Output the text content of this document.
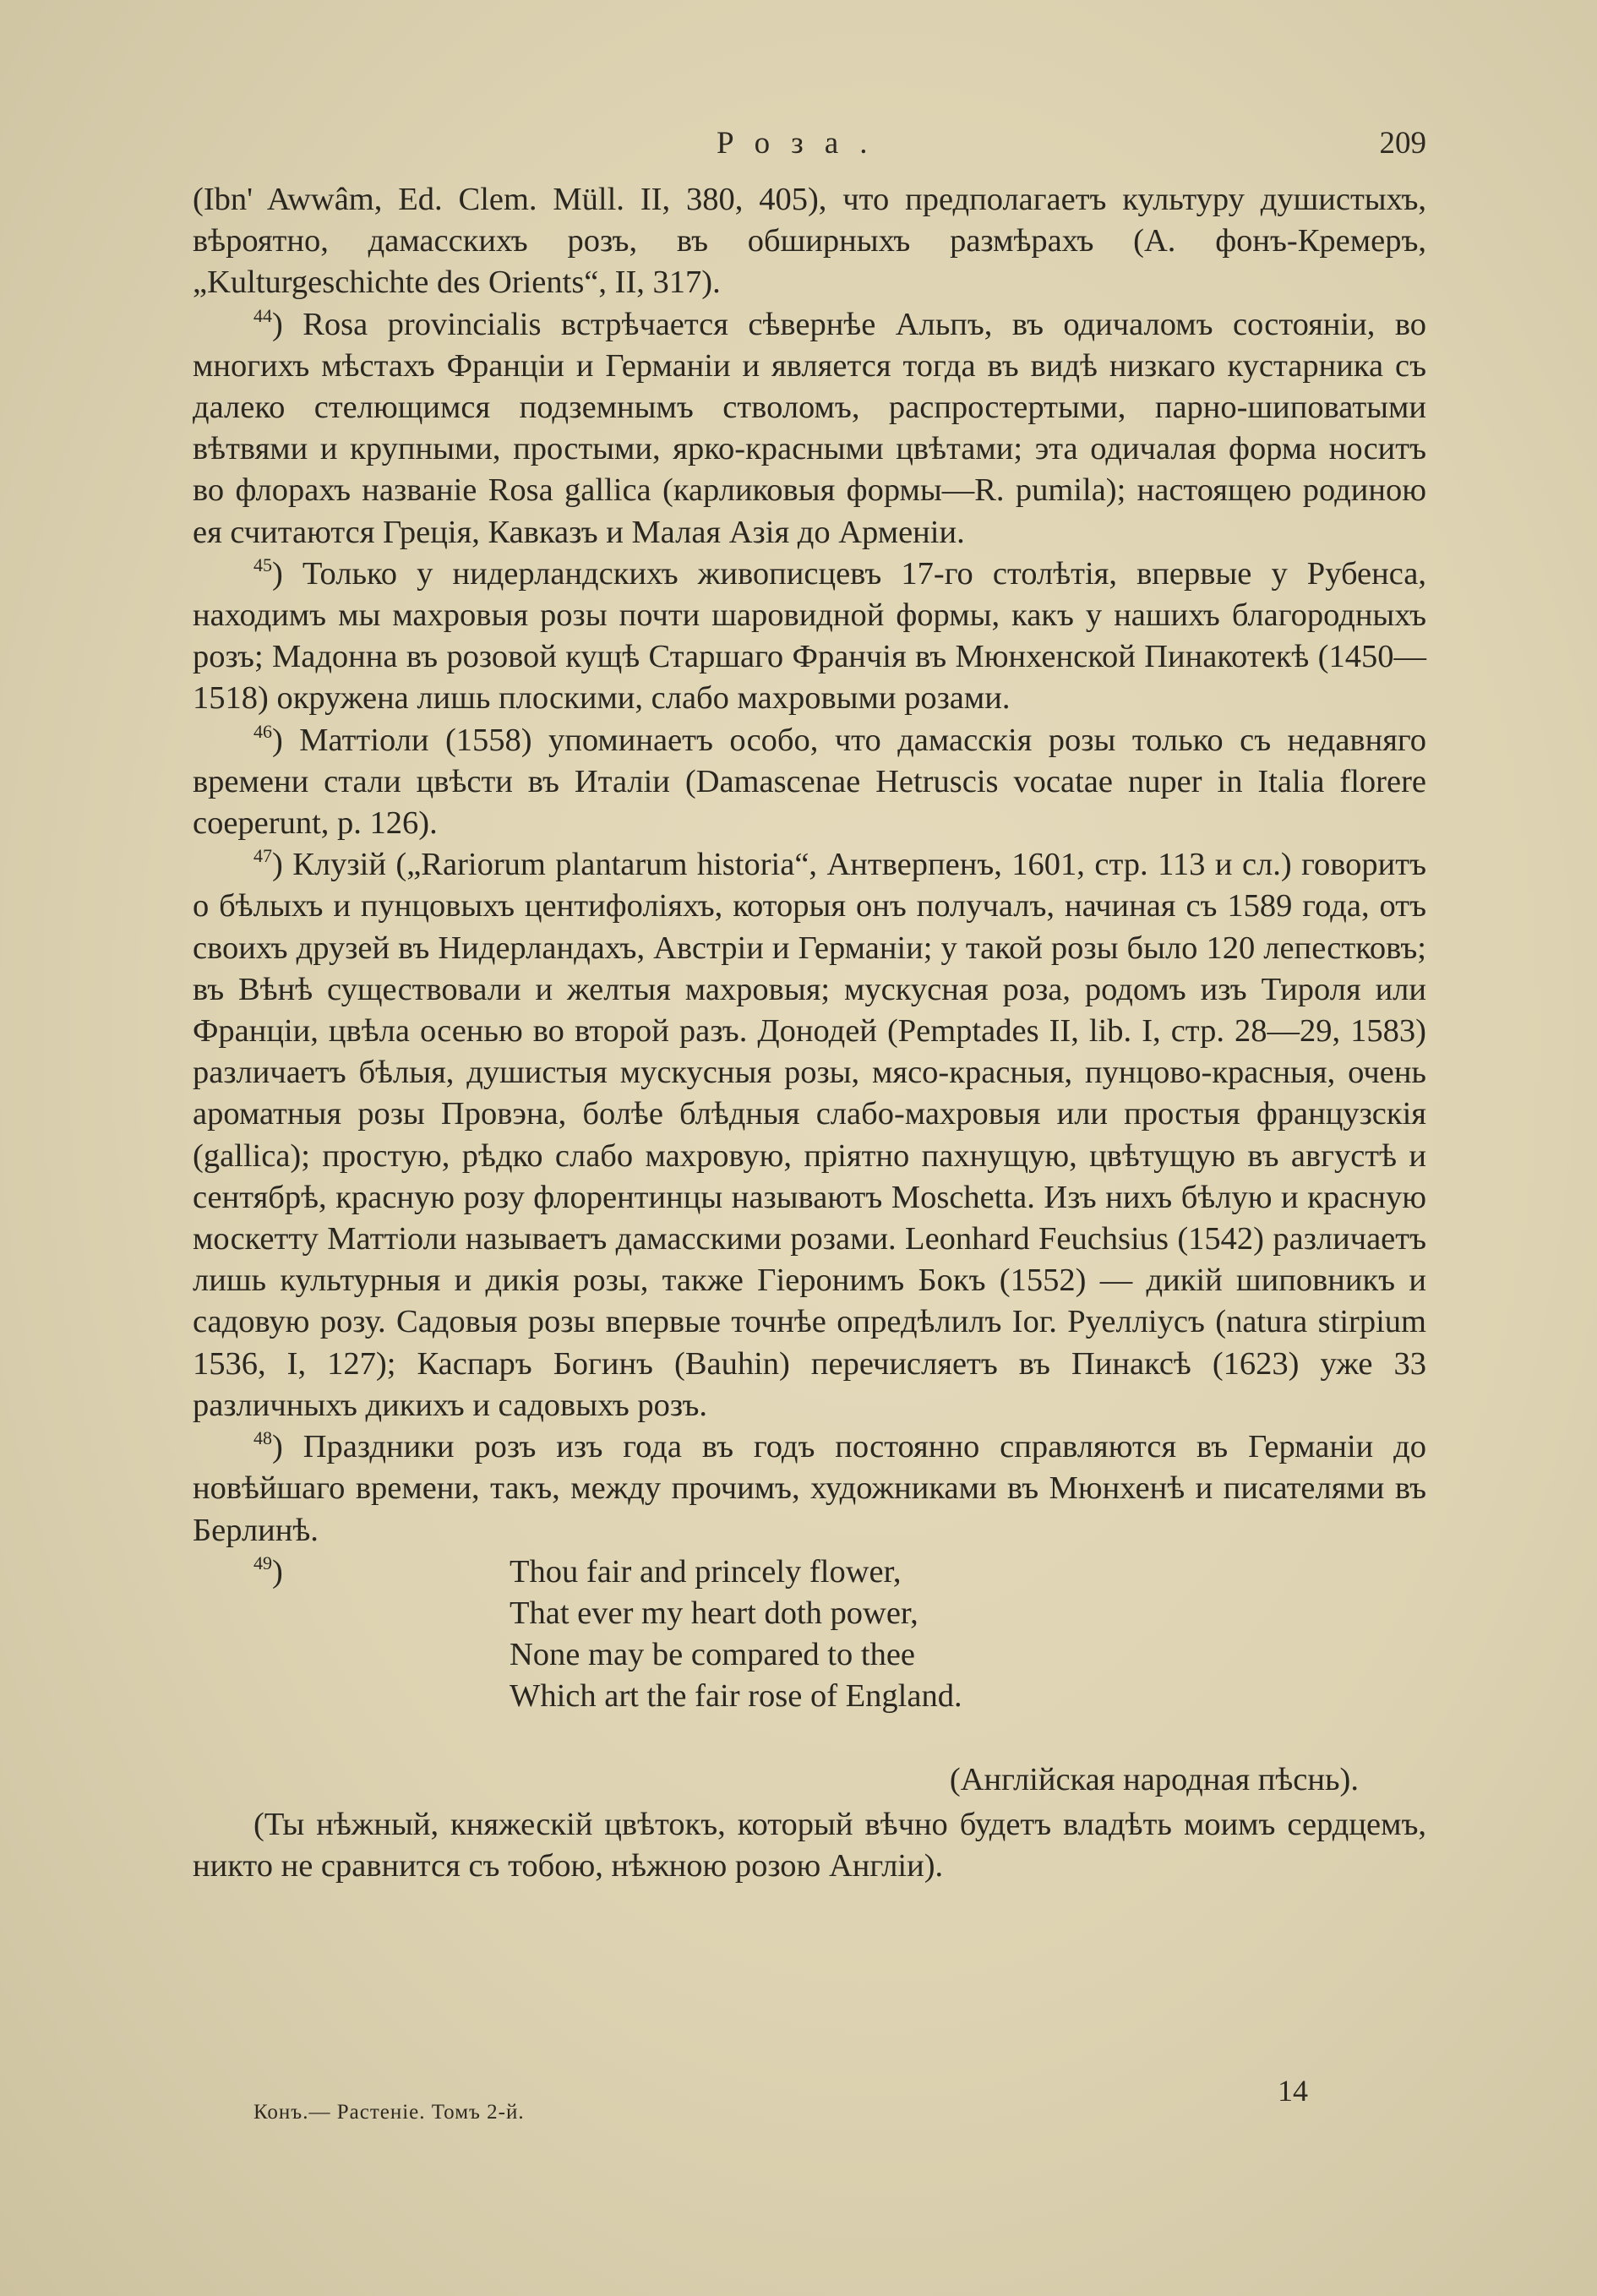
Роза.	209

(Ibn' Awwâm, Ed. Clem. Müll. II, 380, 405), что предполагаетъ культуру душистыхъ, вѣроятно, дамасскихъ розъ, въ обширныхъ размѣрахъ (А. фонъ-Кремеръ, „Kulturgeschichte des Orients“, II, 317).

$^{44}$) Rosa provincialis встрѣчается сѣвернѣе Альпъ, въ одичаломъ состояніи, во многихъ мѣстахъ Франціи и Германіи и является тогда въ видѣ низкаго кустарника съ далеко стелющимся подземнымъ стволомъ, распростертыми, парно-шиповатыми вѣтвями и крупными, простыми, ярко-красными цвѣтами; эта одичалая форма носитъ во флорахъ названіе Rosa gallica (карликовыя формы—R. pumila); настоящею родиною ея считаются Греція, Кавказъ и Малая Азія до Арменіи.

$^{45}$) Только у нидерландскихъ живописцевъ 17-го столѣтія, впервые у Рубенса, находимъ мы махровыя розы почти шаровидной формы, какъ у нашихъ благородныхъ розъ; Мадонна въ розовой кущѣ Старшаго Франчія въ Мюнхенской Пинакотекѣ (1450—1518) окружена лишь плоскими, слабо махровыми розами.

$^{46}$) Маттіоли (1558) упоминаетъ особо, что дамасскія розы только съ недавняго времени стали цвѣсти въ Италіи (Damascenae Hetruscis vocatae nuper in Italia florere coeperunt, p. 126).

$^{47}$) Клузій („Rariorum plantarum historia“, Антверпенъ, 1601, стр. 113 и сл.) говоритъ о бѣлыхъ и пунцовыхъ центифоліяхъ, которыя онъ получалъ, начиная съ 1589 года, отъ своихъ друзей въ Нидерландахъ, Австріи и Германіи; у такой розы было 120 лепестковъ; въ Вѣнѣ существовали и желтыя махровыя; мускусная роза, родомъ изъ Тироля или Франціи, цвѣла осенью во второй разъ. Донодей (Pemptades II, lib. I, стр. 28—29, 1583) различаетъ бѣлыя, душистыя мускусныя розы, мясо-красныя, пунцово-красныя, очень ароматныя розы Провэна, болѣе блѣдныя слабо-махровыя или простыя французскія (gallica); простую, рѣдко слабо махровую, пріятно пахнущую, цвѣтущую въ августѣ и сентябрѣ, красную розу флорентинцы называютъ Moschetta. Изъ нихъ бѣлую и красную москетту Маттіоли называетъ дамасскими розами. Leonhard Feuchsius (1542) различаетъ лишь культурныя и дикія розы, также Гіеронимъ Бокъ (1552) — дикій шиповникъ и садовую розу. Садовыя розы впервые точнѣе опредѣлилъ Іог. Руелліусъ (natura stirpium 1536, I, 127); Каспаръ Богинъ (Bauhin) перечисляетъ въ Пинаксѣ (1623) уже 33 различныхъ дикихъ и садовыхъ розъ.

$^{48}$) Праздники розъ изъ года въ годъ постоянно справляются въ Германіи до новѣйшаго времени, такъ, между прочимъ, художниками въ Мюнхенѣ и писателями въ Берлинѣ.

$^{49}$)	Thou fair and princely flower,
That ever my heart doth power,
None may be compared to thee
Which art the fair rose of England.
(Англійская народная пѣснь).

(Ты нѣжный, княжескій цвѣтокъ, который вѣчно будетъ владѣть моимъ сердцемъ, никто не сравнится съ тобою, нѣжною розою Англіи).

14
Конъ.— Растеніе. Томъ 2-й.
